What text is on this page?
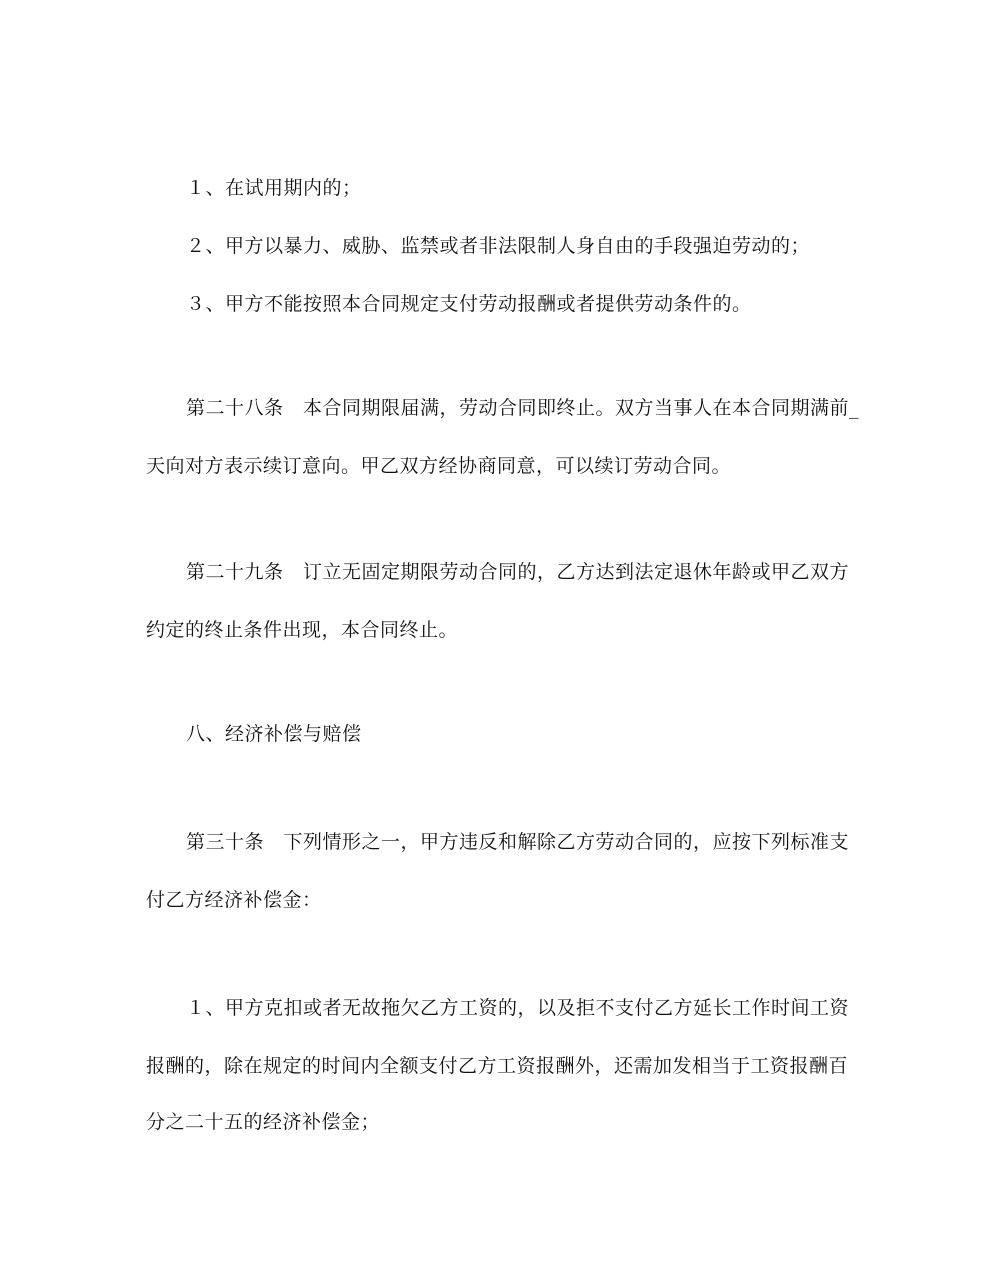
１、在试用期内的；
２、甲方以暴力、威胁、监禁或者非法限制人身自由的手段强迫劳动的；
３、甲方不能按照本合同规定支付劳动报酬或者提供劳动条件的。
第二十八条　本合同期限届满，劳动合同即终止。双方当事人在本合同期满前_
天向对方表示续订意向。甲乙双方经协商同意，可以续订劳动合同。
第二十九条　订立无固定期限劳动合同的，乙方达到法定退休年龄或甲乙双方
约定的终止条件出现，本合同终止。
八、经济补偿与赔偿
第三十条　下列情形之一，甲方违反和解除乙方劳动合同的，应按下列标准支
付乙方经济补偿金：
１、甲方克扣或者无故拖欠乙方工资的，以及拒不支付乙方延长工作时间工资
报酬的，除在规定的时间内全额支付乙方工资报酬外，还需加发相当于工资报酬百
分之二十五的经济补偿金；
